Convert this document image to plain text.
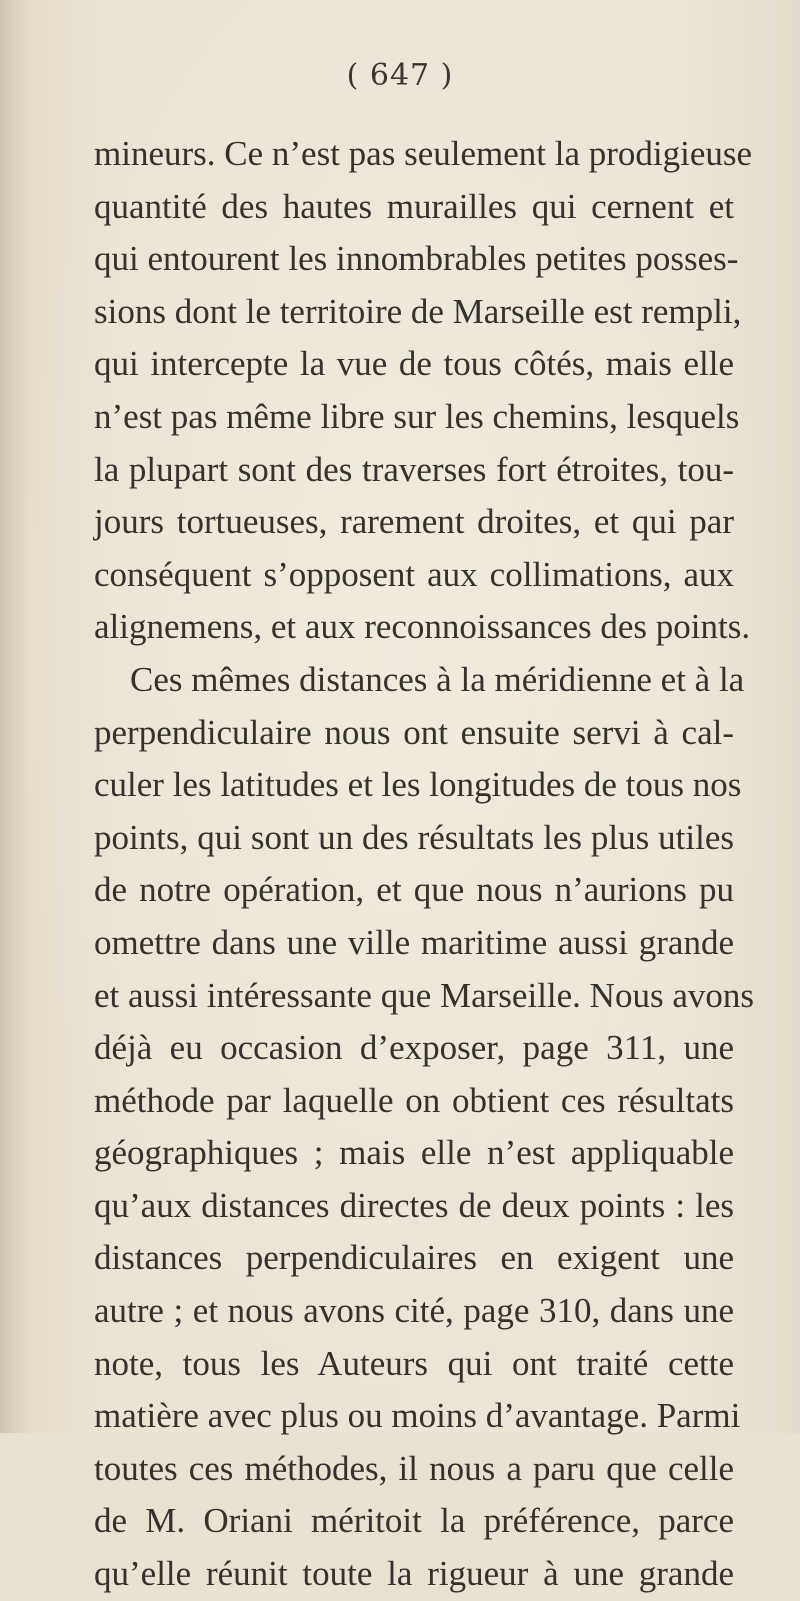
( 647 )
mineurs. Ce n’est pas seulement la prodigieuse
quantité des hautes murailles qui cernent et
qui entourent les innombrables petites posses-
sions dont le territoire de Marseille est rempli,
qui intercepte la vue de tous côtés, mais elle
n’est pas même libre sur les chemins, lesquels
la plupart sont des traverses fort étroites, tou-
jours tortueuses, rarement droites, et qui par
conséquent s’opposent aux collimations, aux
alignemens, et aux reconnoissances des points.
Ces mêmes distances à la méridienne et à la
perpendiculaire nous ont ensuite servi à cal-
culer les latitudes et les longitudes de tous nos
points, qui sont un des résultats les plus utiles
de notre opération, et que nous n’aurions pu
omettre dans une ville maritime aussi grande
et aussi intéressante que Marseille. Nous avons
déjà eu occasion d’exposer, page 311, une
méthode par laquelle on obtient ces résultats
géographiques ; mais elle n’est appliquable
qu’aux distances directes de deux points : les
distances perpendiculaires en exigent une
autre ; et nous avons cité, page 310, dans une
note, tous les Auteurs qui ont traité cette
matière avec plus ou moins d’avantage. Parmi
toutes ces méthodes, il nous a paru que celle
de M. Oriani méritoit la préférence, parce
qu’elle réunit toute la rigueur à une grande
